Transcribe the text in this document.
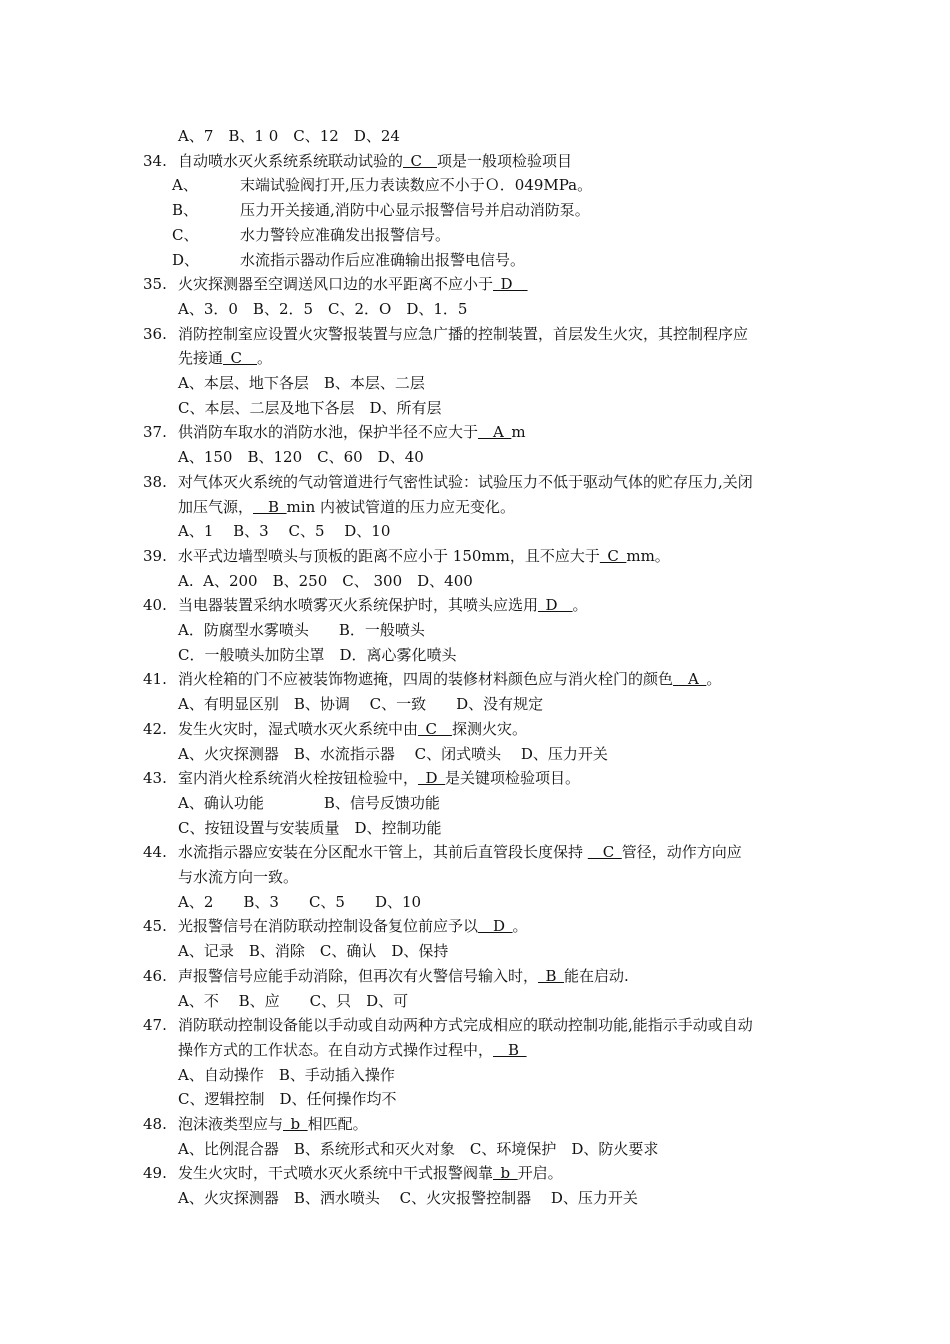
A、7　B、1 0　C、12　D、24
34. 自动喷水灭火系统系统联动试验的 C  项是一般项检验项目
A、	末端试验阀打开,压力表读数应不小于Ｏ．049MPa。
B、	压力开关接通,消防中心显示报警信号并启动消防泵。
C、	水力警铃应准确发出报警信号。
D、	水流指示器动作后应准确输出报警电信号。
35. 火灾探测器至空调送风口边的水平距离不应小于 D  
A、3．0　B、2．5　C、2．O　D、1．5
36. 消防控制室应设置火灾警报装置与应急广播的控制装置，首层发生火灾，其控制程序应
先接通 C  。
A、本层、地下各层　B、本层、二层
C、本层、二层及地下各层　D、所有层
37. 供消防车取水的消防水池，保护半径不应大于  A m
A、150　B、120　C、60　D、40
38. 对气体灭火系统的气动管道进行气密性试验：试验压力不低于驱动气体的贮存压力,关闭
加压气源，  B min 内被试管道的压力应无变化。
A、1　 B、3　 C、5　 D、10
39. 水平式边墙型喷头与顶板的距离不应小于 150mm，且不应大于 C mm。
A.  A、200　B、250　C、 300　D、400
40. 当电器装置采纳水喷雾灭火系统保护时，其喷头应选用 D  。
A．防腐型水雾喷头　　B．一般喷头
C．一般喷头加防尘罩　D．离心雾化喷头
41. 消火栓箱的门不应被装饰物遮掩，四周的装修材料颜色应与消火栓门的颜色  A 。
A、有明显区别　B、协调　 C、一致　　D、没有规定
42. 发生火灾时，湿式喷水灭火系统中由 C  探测火灾。
A、火灾探测器　B、水流指示器　 C、闭式喷头　 D、压力开关
43. 室内消火栓系统消火栓按钮检验中， D 是关键项检验项目。
A、确认功能　　　　B、信号反馈功能
C、按钮设置与安装质量　D、控制功能
44. 水流指示器应安装在分区配水干管上，其前后直管段长度保持   C 管径，动作方向应
与水流方向一致。
A、2　　B、3　　C、5　　D、10
45. 光报警信号在消防联动控制设备复位前应予以  D 。
A、记录　B、消除　C、确认　D、保持
46. 声报警信号应能手动消除，但再次有火警信号输入时， B 能在启动.
A、不　 B、应　　C、只　D、可
47. 消防联动控制设备能以手动或自动两种方式完成相应的联动控制功能,能指示手动或自动
操作方式的工作状态。在自动方式操作过程中，  B 
A、自动操作　B、手动插入操作
C、逻辑控制　D、任何操作均不
48. 泡沫液类型应与 b 相匹配。
A、比例混合器　B、系统形式和灭火对象　C、环境保护　D、防火要求
49. 发生火灾时，干式喷水灭火系统中干式报警阀靠 b 开启。
A、火灾探测器　B、洒水喷头　 C、火灾报警控制器　 D、压力开关
